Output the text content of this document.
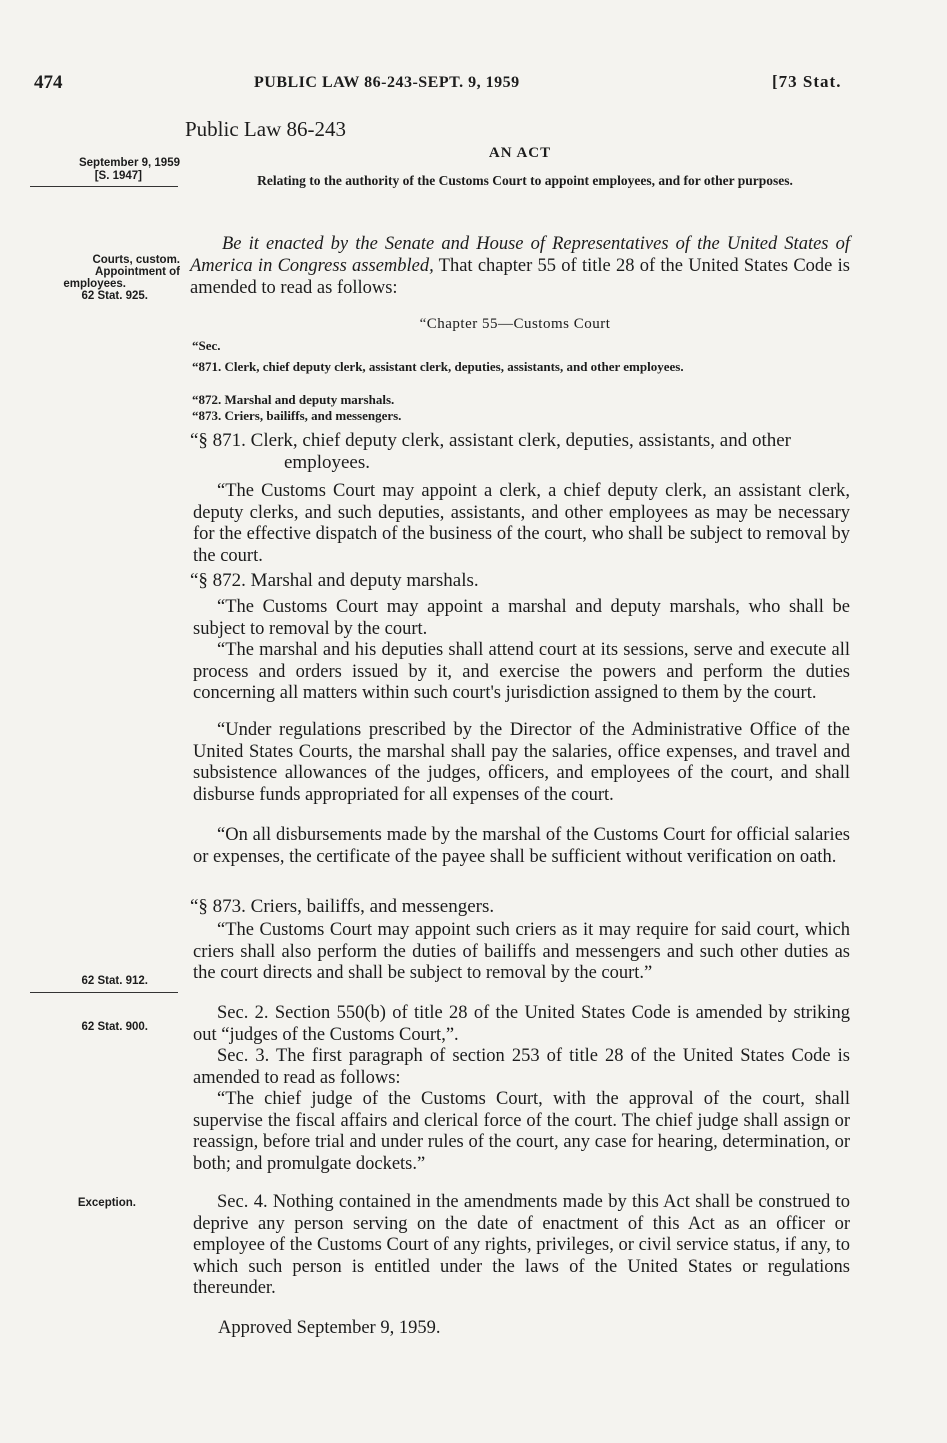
474	PUBLIC LAW 86-243-SEPT. 9, 1959	[73 Stat.
Public Law 86-243
AN ACT
Relating to the authority of the Customs Court to appoint employees, and for other purposes.
September 9, 1959
[S. 1947]
Courts, custom.
Appointment of
employees.
62 Stat. 925.
62 Stat. 912.
62 Stat. 900.
Exception.
Be it enacted by the Senate and House of Representatives of the United States of America in Congress assembled, That chapter 55 of title 28 of the United States Code is amended to read as follows:
“Chapter 55—Customs Court
“Sec.
“871. Clerk, chief deputy clerk, assistant clerk, deputies, assistants, and other employees.
“872. Marshal and deputy marshals.
“873. Criers, bailiffs, and messengers.
“§ 871. Clerk, chief deputy clerk, assistant clerk, deputies, assistants, and other employees.
“The Customs Court may appoint a clerk, a chief deputy clerk, an assistant clerk, deputy clerks, and such deputies, assistants, and other employees as may be necessary for the effective dispatch of the business of the court, who shall be subject to removal by the court.
“§ 872. Marshal and deputy marshals.
“The Customs Court may appoint a marshal and deputy marshals, who shall be subject to removal by the court.
“The marshal and his deputies shall attend court at its sessions, serve and execute all process and orders issued by it, and exercise the powers and perform the duties concerning all matters within such court's jurisdiction assigned to them by the court.
“Under regulations prescribed by the Director of the Administrative Office of the United States Courts, the marshal shall pay the salaries, office expenses, and travel and subsistence allowances of the judges, officers, and employees of the court, and shall disburse funds appropriated for all expenses of the court.
“On all disbursements made by the marshal of the Customs Court for official salaries or expenses, the certificate of the payee shall be sufficient without verification on oath.
“§ 873. Criers, bailiffs, and messengers.
“The Customs Court may appoint such criers as it may require for said court, which criers shall also perform the duties of bailiffs and messengers and such other duties as the court directs and shall be subject to removal by the court.”
Sec. 2. Section 550(b) of title 28 of the United States Code is amended by striking out “judges of the Customs Court,”.
Sec. 3. The first paragraph of section 253 of title 28 of the United States Code is amended to read as follows:
“The chief judge of the Customs Court, with the approval of the court, shall supervise the fiscal affairs and clerical force of the court. The chief judge shall assign or reassign, before trial and under rules of the court, any case for hearing, determination, or both; and promulgate dockets.”
Sec. 4. Nothing contained in the amendments made by this Act shall be construed to deprive any person serving on the date of enactment of this Act as an officer or employee of the Customs Court of any rights, privileges, or civil service status, if any, to which such person is entitled under the laws of the United States or regulations thereunder.
Approved September 9, 1959.
